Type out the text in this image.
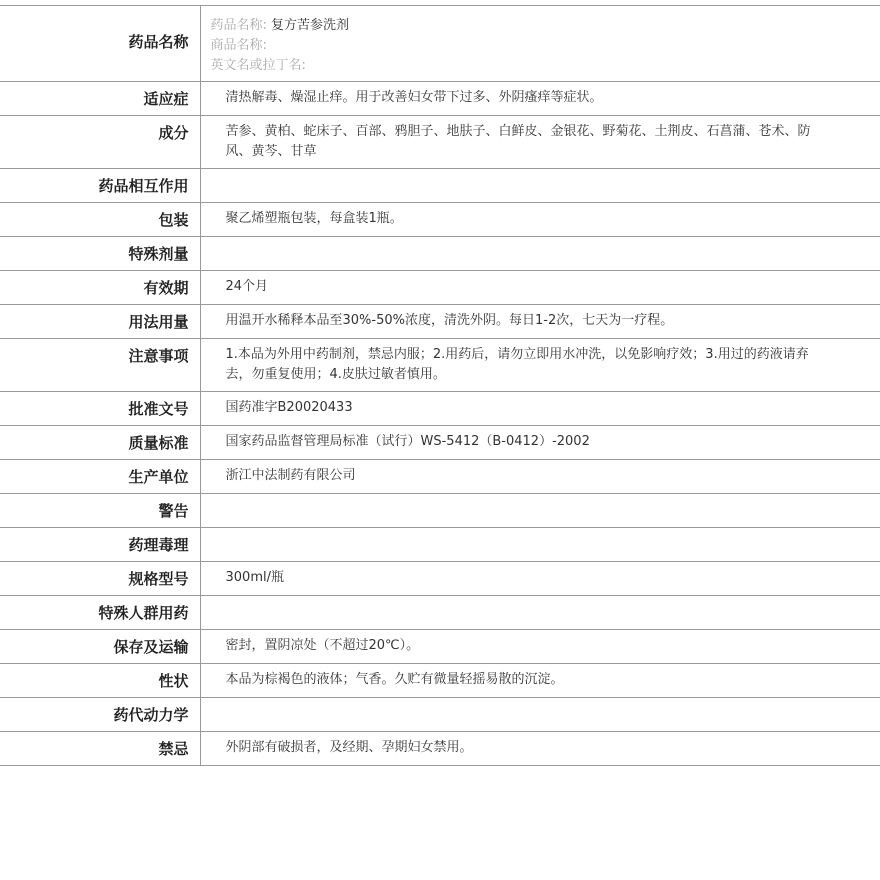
药品名称	药品名称: 复方苦参洗剂
商品名称:
英文名或拉丁名:

适应症	清热解毒、燥湿止痒。用于改善妇女带下过多、外阴瘙痒等症状。
成分	苦参、黄柏、蛇床子、百部、鸦胆子、地肤子、白鲜皮、金银花、野菊花、土荆皮、石菖蒲、苍术、防风、黄芩、甘草
药品相互作用	
包装	聚乙烯塑瓶包装，每盒装1瓶。
特殊剂量	
有效期	24个月
用法用量	用温开水稀释本品至30%-50%浓度，清洗外阴。每日1-2次，七天为一疗程。
注意事项	1.本品为外用中药制剂，禁忌内服；2.用药后，请勿立即用水冲洗，以免影响疗效；3.用过的药液请弃去，勿重复使用；4.皮肤过敏者慎用。
批准文号	国药准字B20020433
质量标准	国家药品监督管理局标准（试行）WS-5412（B-0412）-2002
生产单位	浙江中法制药有限公司
警告	
药理毒理	
规格型号	300ml/瓶
特殊人群用药	
保存及运输	密封，置阴凉处（不超过20℃）。
性状	本品为棕褐色的液体；气香。久贮有微量轻摇易散的沉淀。
药代动力学	
禁忌	外阴部有破损者，及经期、孕期妇女禁用。
